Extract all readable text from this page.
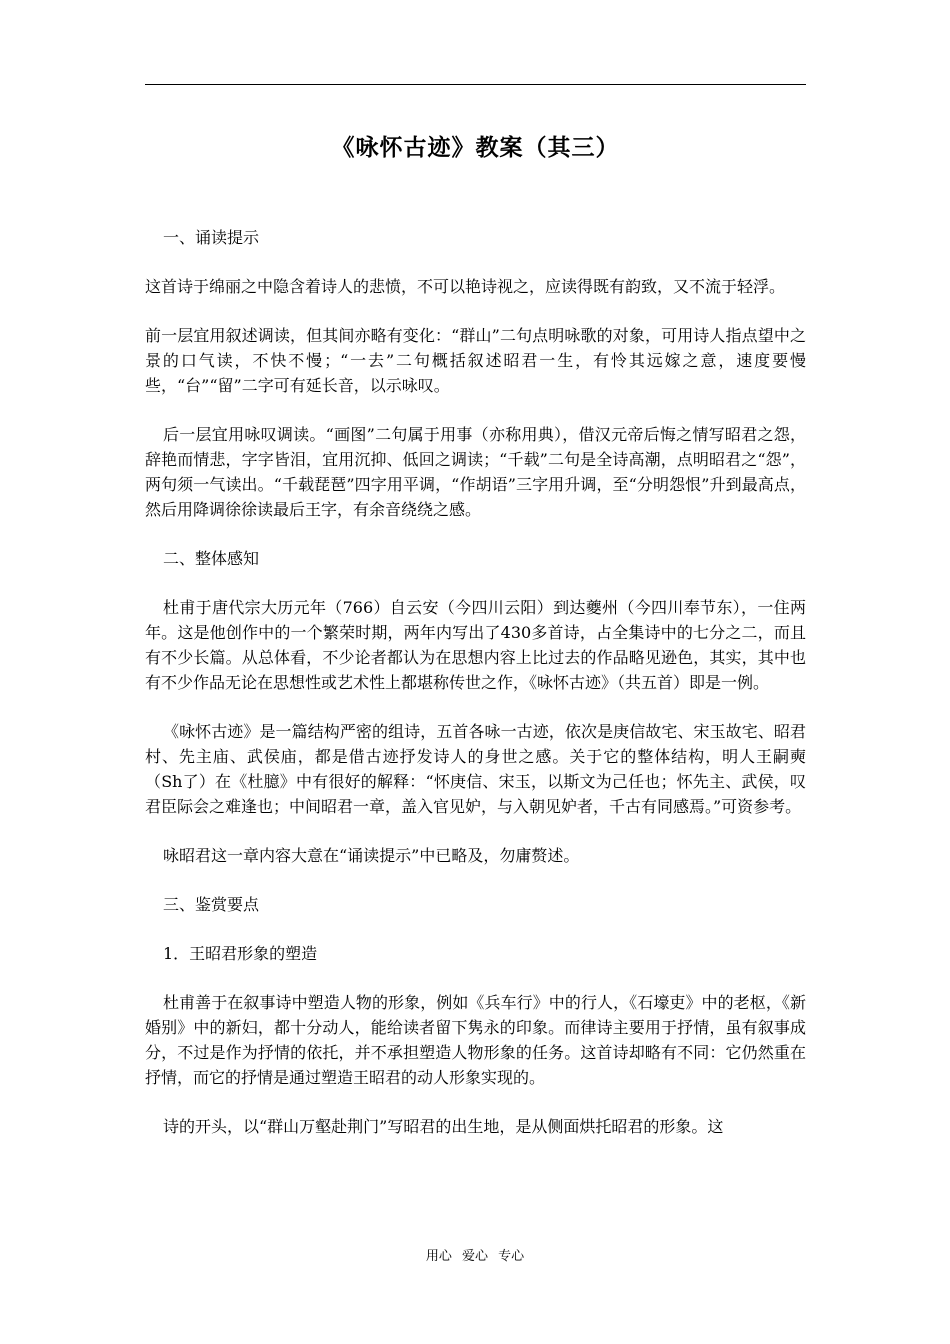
《咏怀古迹》教案（其三）

一、诵读提示

这首诗于绵丽之中隐含着诗人的悲愤，不可以艳诗视之，应读得既有韵致，又不流于轻浮。

前一层宜用叙述调读，但其间亦略有变化：“群山”二句点明咏歌的对象，可用诗人指点望中之景的口气读，不快不慢；“一去”二句概括叙述昭君一生，有怜其远嫁之意，速度要慢些，“台”“留”二字可有延长音，以示咏叹。

后一层宜用咏叹调读。“画图”二句属于用事（亦称用典），借汉元帝后悔之情写昭君之怨，辞艳而情悲，字字皆泪，宜用沉抑、低回之调读；“千载”二句是全诗高潮，点明昭君之“怨”，两句须一气读出。“千载琵琶”四字用平调，“作胡语”三字用升调，至“分明怨恨”升到最高点，然后用降调徐徐读最后王字，有余音绕绕之感。

二、整体感知

杜甫于唐代宗大历元年（766）自云安（今四川云阳）到达夔州（今四川奉节东），一住两年。这是他创作中的一个繁荣时期，两年内写出了430多首诗，占全集诗中的七分之二，而且有不少长篇。从总体看，不少论者都认为在思想内容上比过去的作品略见逊色，其实，其中也有不少作品无论在思想性或艺术性上都堪称传世之作，《咏怀古迹》（共五首）即是一例。

《咏怀古迹》是一篇结构严密的组诗，五首各咏一古迹，依次是庚信故宅、宋玉故宅、昭君村、先主庙、武侯庙，都是借古迹抒发诗人的身世之感。关于它的整体结构，明人王嗣奭（Sh了）在《杜臆》中有很好的解释：“怀庚信、宋玉，以斯文为己任也；怀先主、武侯，叹君臣际会之难逢也；中间昭君一章，盖入官见妒，与入朝见妒者，千古有同感焉。”可资参考。

咏昭君这一章内容大意在“诵读提示”中已略及，勿庸赘述。

三、鉴赏要点

1．王昭君形象的塑造

杜甫善于在叙事诗中塑造人物的形象，例如《兵车行》中的行人，《石壕吏》中的老枢，《新婚别》中的新妇，都十分动人，能给读者留下隽永的印象。而律诗主要用于抒情，虽有叙事成分，不过是作为抒情的依托，并不承担塑造人物形象的任务。这首诗却略有不同：它仍然重在抒情，而它的抒情是通过塑造王昭君的动人形象实现的。

诗的开头，以“群山万壑赴荆门”写昭君的出生地，是从侧面烘托昭君的形象。这

用心 爱心 专心
